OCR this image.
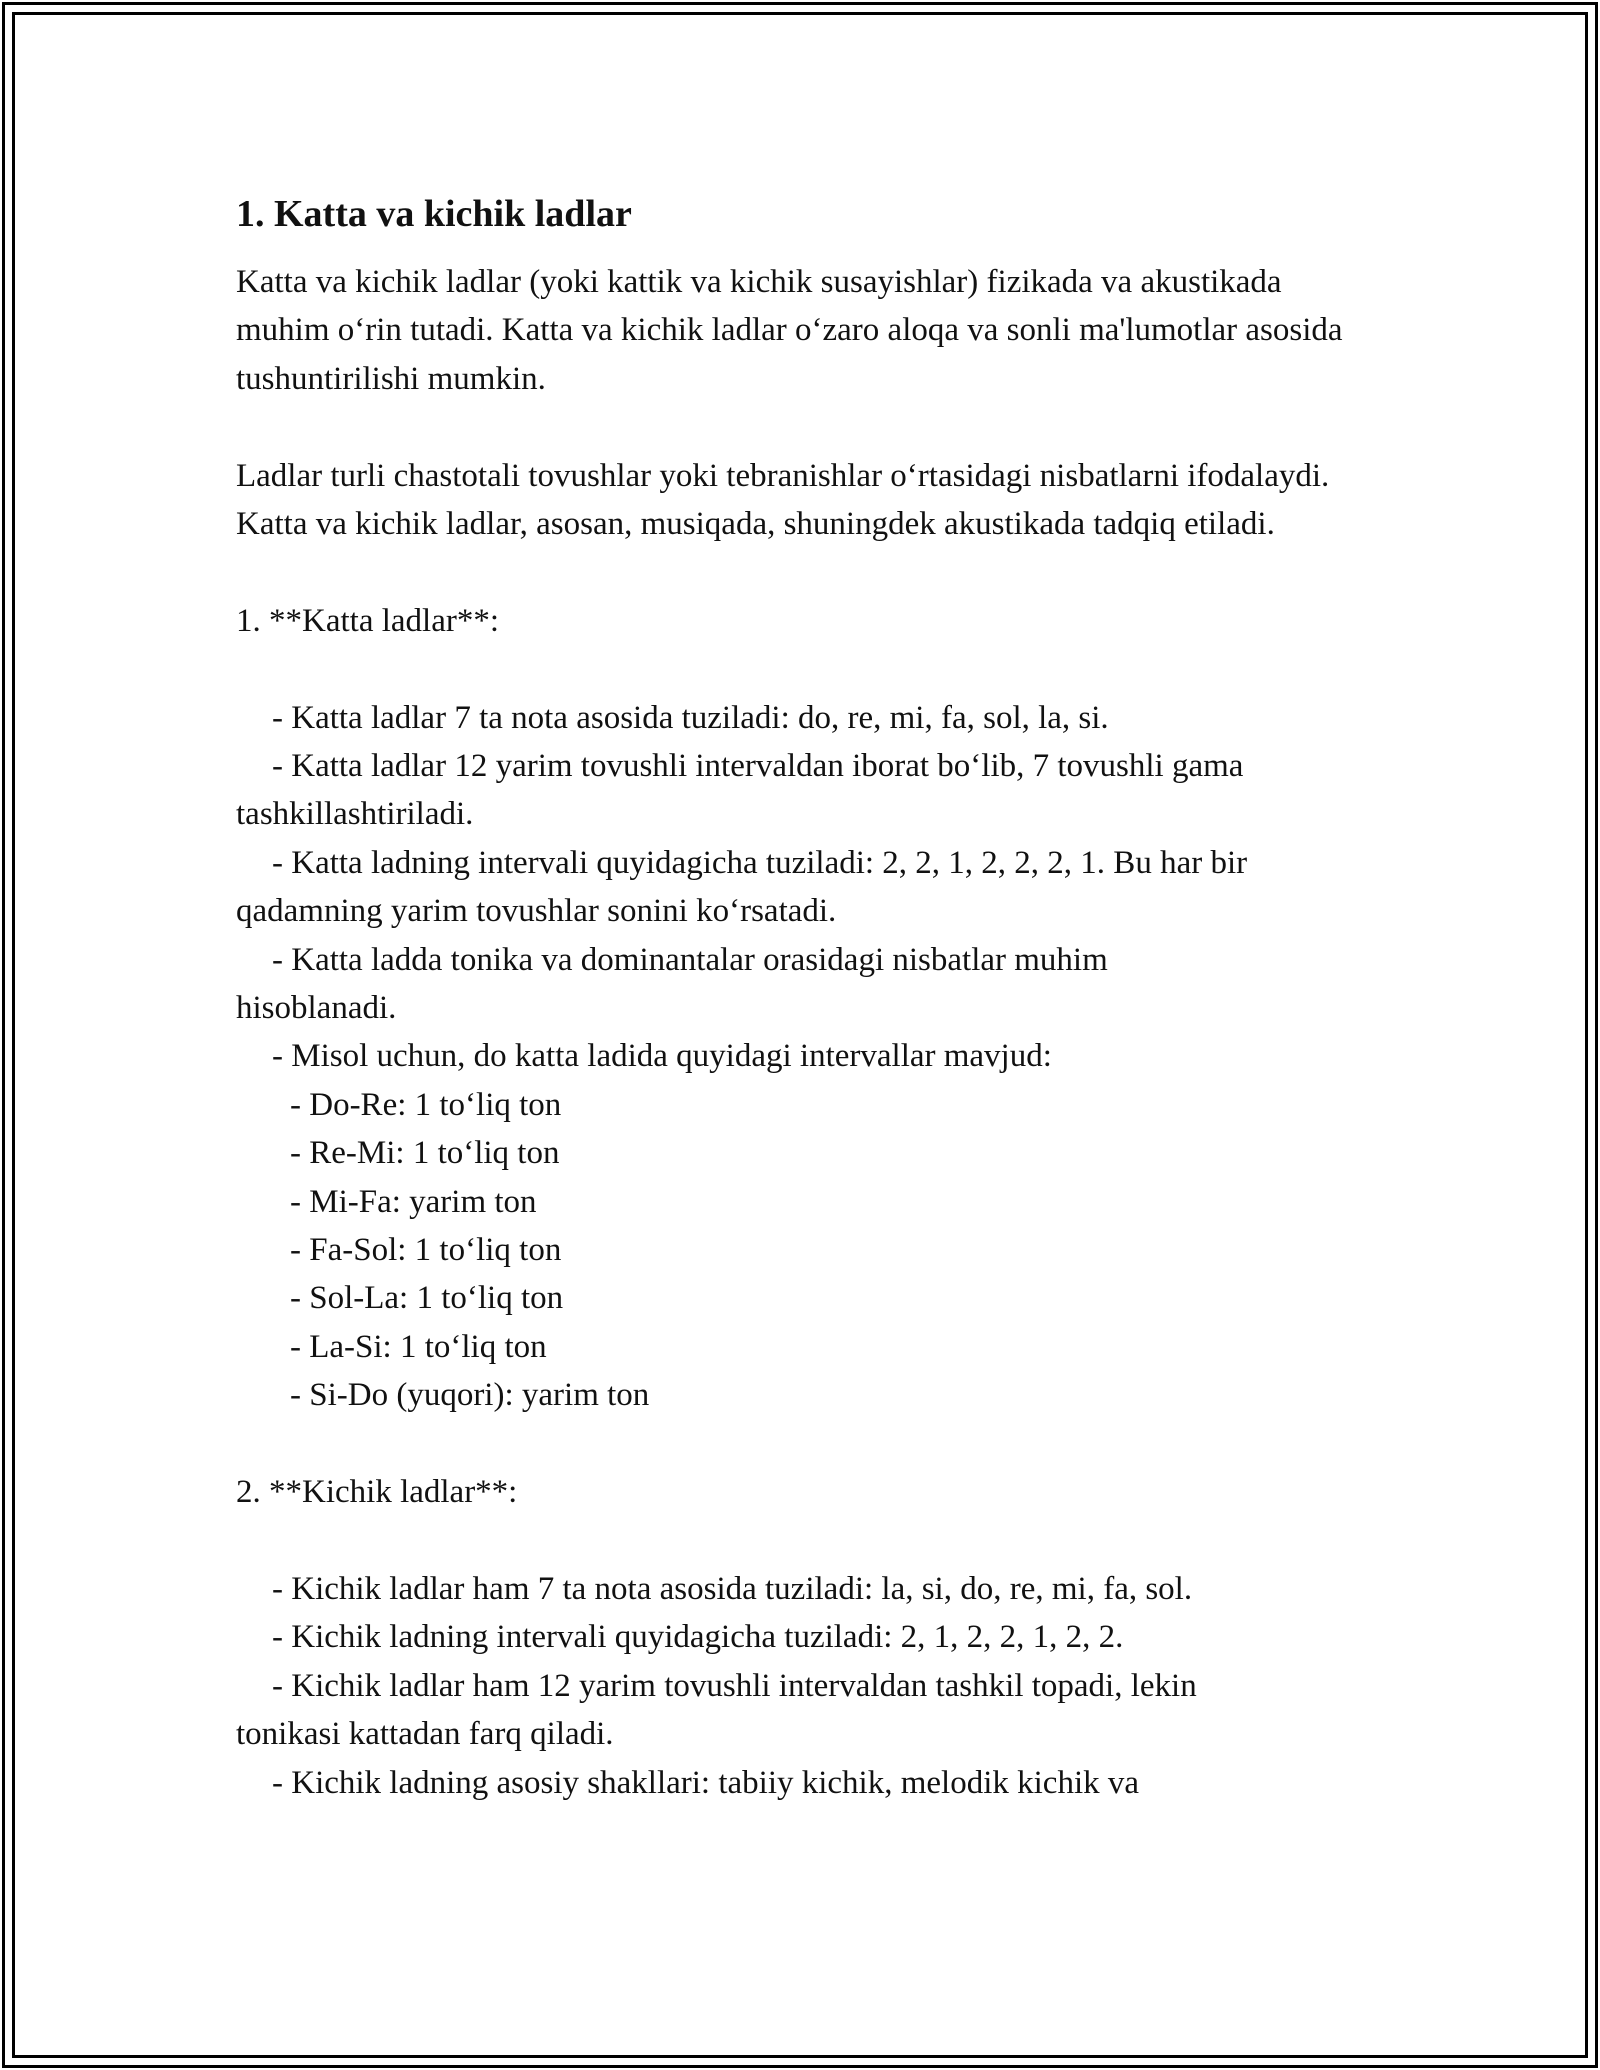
1. Katta va kichik ladlar

Katta va kichik ladlar (yoki kattik va kichik susayishlar) fizikada va akustikada muhim o‘rin tutadi. Katta va kichik ladlar o‘zaro aloqa va sonli ma'lumotlar asosida tushuntirilishi mumkin.

Ladlar turli chastotali tovushlar yoki tebranishlar o‘rtasidagi nisbatlarni ifodalaydi. Katta va kichik ladlar, asosan, musiqada, shuningdek akustikada tadqiq etiladi.

1. **Katta ladlar**:
- Katta ladlar 7 ta nota asosida tuziladi: do, re, mi, fa, sol, la, si.
- Katta ladlar 12 yarim tovushli intervaldan iborat bo‘lib, 7 tovushli gama
tashkillashtiriladi.
- Katta ladning intervali quyidagicha tuziladi: 2, 2, 1, 2, 2, 2, 1. Bu har bir
qadamning yarim tovushlar sonini ko‘rsatadi.
- Katta ladda tonika va dominantalar orasidagi nisbatlar muhim
hisoblanadi.
- Misol uchun, do katta ladida quyidagi intervallar mavjud:
- Do-Re: 1 to‘liq ton
- Re-Mi: 1 to‘liq ton
- Mi-Fa: yarim ton
- Fa-Sol: 1 to‘liq ton
- Sol-La: 1 to‘liq ton
- La-Si: 1 to‘liq ton
- Si-Do (yuqori): yarim ton
2. **Kichik ladlar**:
- Kichik ladlar ham 7 ta nota asosida tuziladi: la, si, do, re, mi, fa, sol.
- Kichik ladning intervali quyidagicha tuziladi: 2, 1, 2, 2, 1, 2, 2.
- Kichik ladlar ham 12 yarim tovushli intervaldan tashkil topadi, lekin
tonikasi kattadan farq qiladi.
- Kichik ladning asosiy shakllari: tabiiy kichik, melodik kichik va
